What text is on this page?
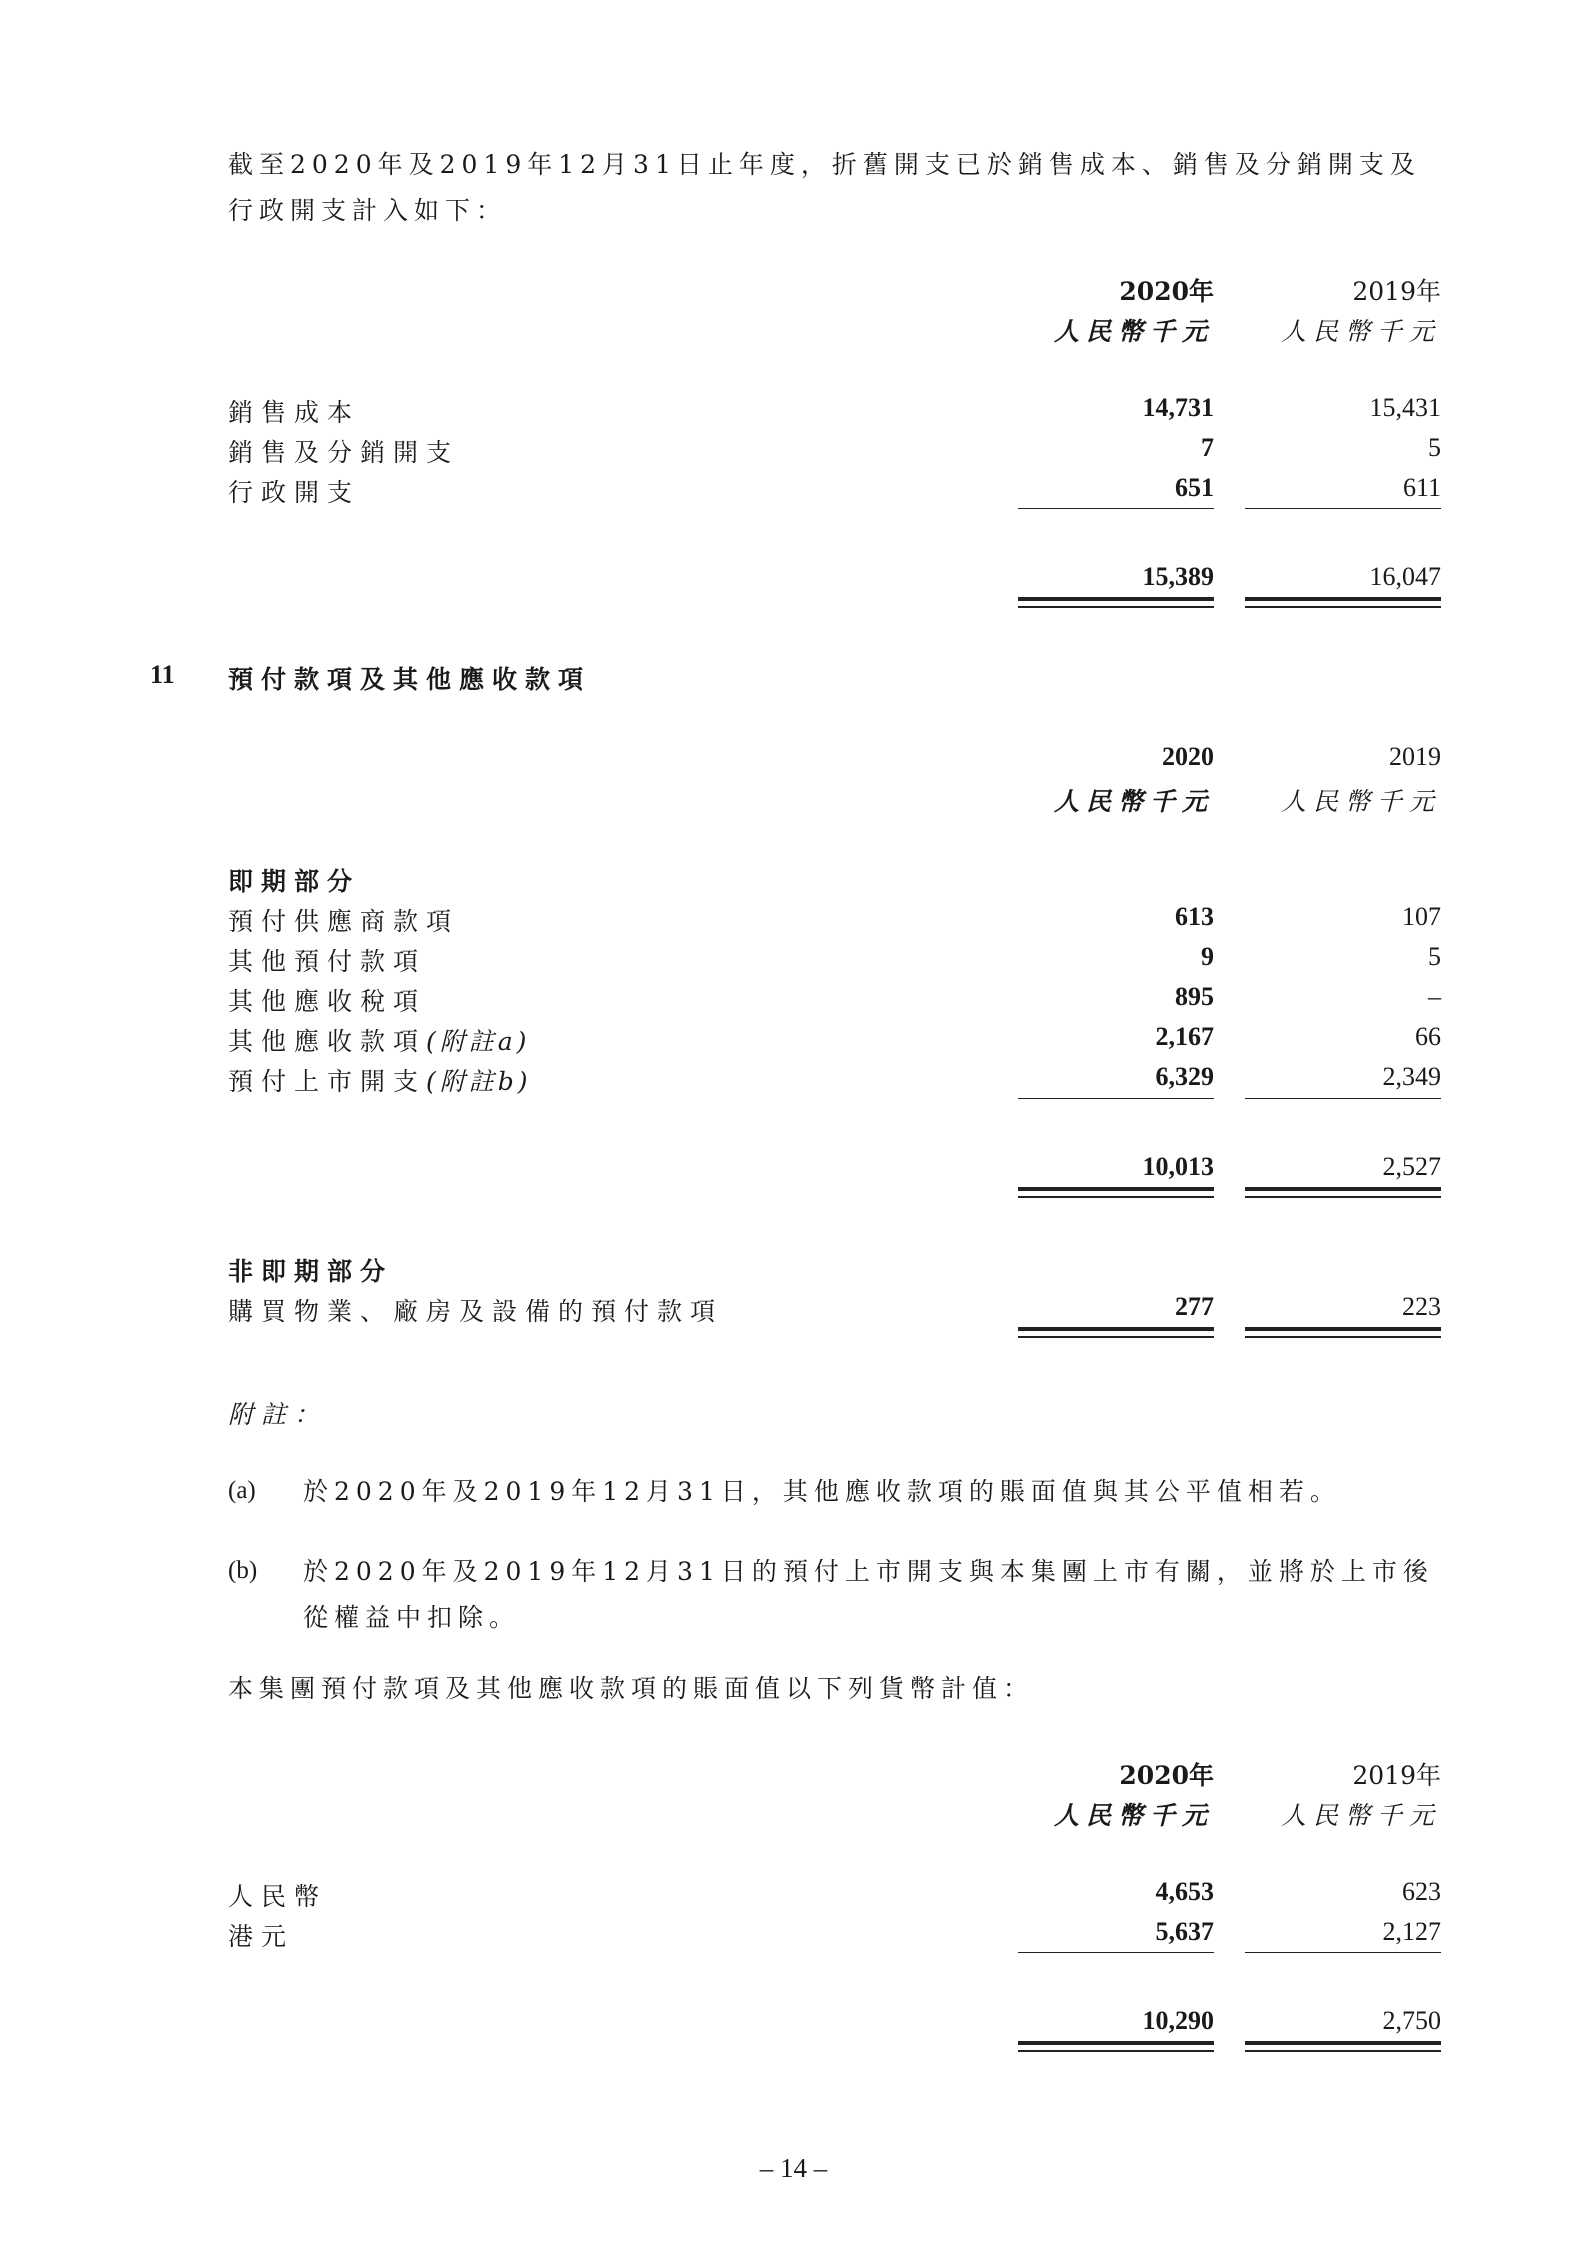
截至2020年及2019年12月31日止年度，折舊開支已於銷售成本、銷售及分銷開支及行政開支計入如下：
2020年	2019年
人民幣千元	人民幣千元
銷售成本	14,731	15,431
銷售及分銷開支	7	5
行政開支	651	611
15,389	16,047
11 預付款項及其他應收款項
2020	2019
人民幣千元	人民幣千元
即期部分
預付供應商款項	613	107
其他預付款項	9	5
其他應收稅項	895	–
其他應收款項(附註a)	2,167	66
預付上市開支(附註b)	6,329	2,349
10,013	2,527
非即期部分
購買物業、廠房及設備的預付款項	277	223
附註：
(a) 於2020年及2019年12月31日，其他應收款項的賬面值與其公平值相若。
(b) 於2020年及2019年12月31日的預付上市開支與本集團上市有關，並將於上市後從權益中扣除。
本集團預付款項及其他應收款項的賬面值以下列貨幣計值：
2020年	2019年
人民幣千元	人民幣千元
人民幣	4,653	623
港元	5,637	2,127
10,290	2,750
– 14 –
